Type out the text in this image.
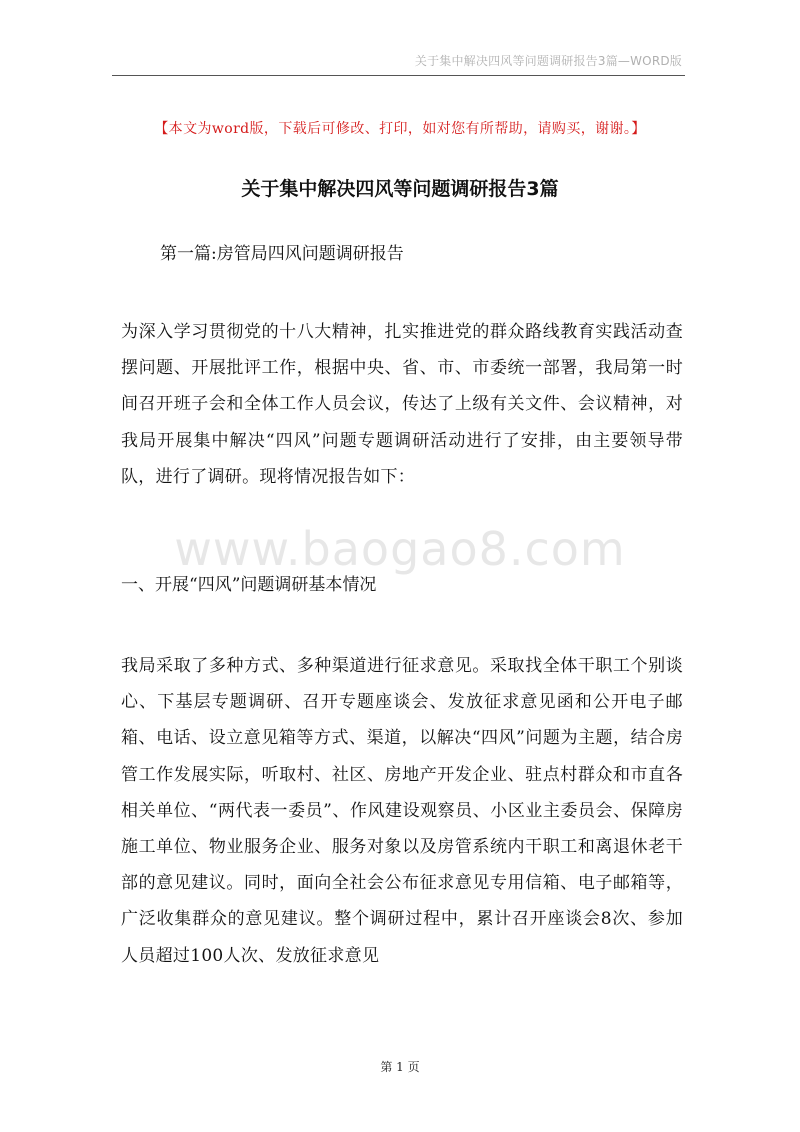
关于集中解决四风等问题调研报告3篇—WORD版
【本文为word版，下载后可修改、打印，如对您有所帮助，请购买，谢谢。】
关于集中解决四风等问题调研报告3篇
第一篇:房管局四风问题调研报告
为深入学习贯彻党的十八大精神，扎实推进党的群众路线教育实践活动查摆问题、开展批评工作，根据中央、省、市、市委统一部署，我局第一时间召开班子会和全体工作人员会议，传达了上级有关文件、会议精神，对我局开展集中解决“四风”问题专题调研活动进行了安排，由主要领导带队，进行了调研。现将情况报告如下：
www.baogao8.com
一、开展“四风”问题调研基本情况
我局采取了多种方式、多种渠道进行征求意见。采取找全体干职工个别谈心、下基层专题调研、召开专题座谈会、发放征求意见函和公开电子邮箱、电话、设立意见箱等方式、渠道，以解决“四风”问题为主题，结合房管工作发展实际，听取村、社区、房地产开发企业、驻点村群众和市直各相关单位、“两代表一委员”、作风建设观察员、小区业主委员会、保障房施工单位、物业服务企业、服务对象以及房管系统内干职工和离退休老干部的意见建议。同时，面向全社会公布征求意见专用信箱、电子邮箱等，广泛收集群众的意见建议。整个调研过程中，累计召开座谈会8次、参加人员超过100人次、发放征求意见
第 1 页
